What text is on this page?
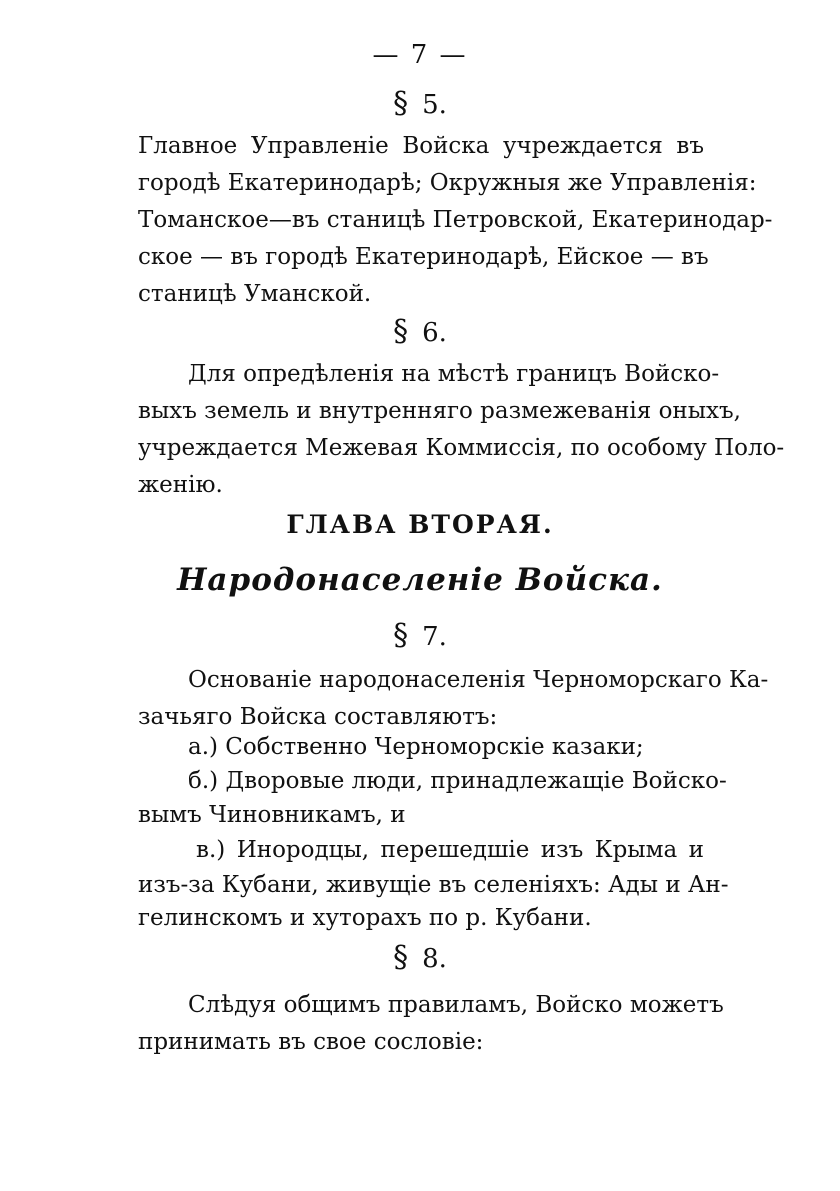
— 7 —
§ 5.
Главное Управленіе Войска учреждается въ
городѣ Екатеринодарѣ; Окружныя же Управленія:
Томанское—въ станицѣ Петровской, Екатеринодар-
ское — въ городѣ Екатеринодарѣ, Ейское — въ
станицѣ Уманской.
§ 6.
Для опредѣленія на мѣстѣ границъ Войско-
выхъ земель и внутренняго размежеванія оныхъ,
учреждается Межевая Коммиссія, по особому Поло-
женію.
ГЛАВА ВТОРАЯ.
Народонаселеніе Войска.
§ 7.
Основаніе народонаселенія Черноморскаго Ка-
зачьяго Войска составляютъ:
а.) Собственно Черноморскіе казаки;
б.) Дворовые люди, принадлежащіе Войско-
вымъ Чиновникамъ, и
в.) Инородцы, перешедшіе изъ Крыма и
изъ-за Кубани, живущіе въ селеніяхъ: Ады и Ан-
гелинскомъ и хуторахъ по р. Кубани.
§ 8.
Слѣдуя общимъ правиламъ, Войско можетъ
принимать въ свое сословіе:
